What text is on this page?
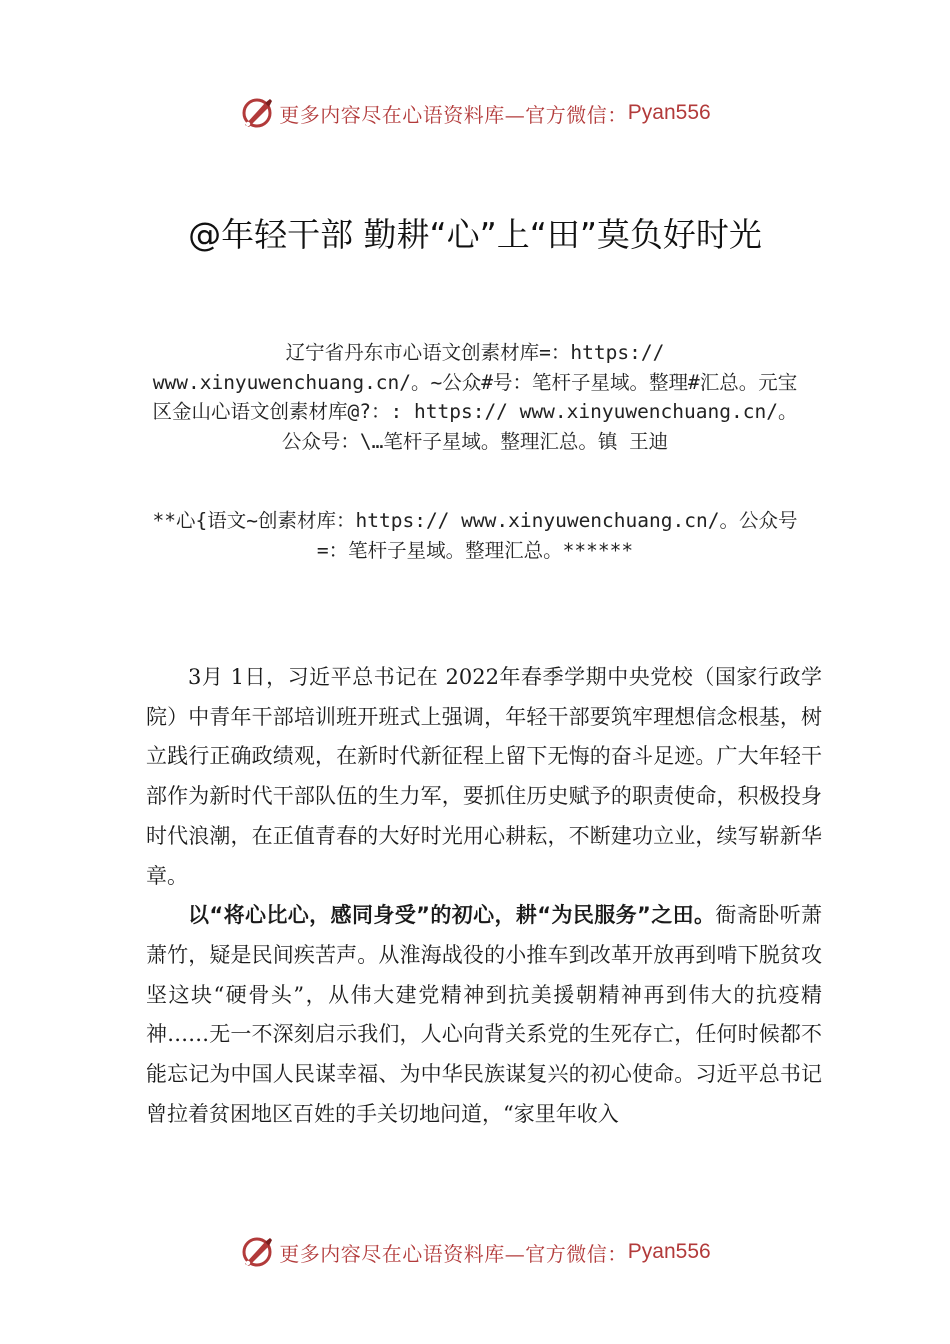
更多内容尽在心语资料库—官方微信： Pyan556
@年轻干部 勤耕“心”上“田”莫负好时光
辽宁省丹东市心语文创素材库=：https:// www.xinyuwenchuang.cn/。~公众#号：笔杆子星域。整理#汇总。元宝区金山心语文创素材库@?：: https:// www.xinyuwenchuang.cn/。公众号：\…笔杆子星域。整理汇总。镇 王迪
**心{语文~创素材库：https:// www.xinyuwenchuang.cn/。公众号=：笔杆子星域。整理汇总。******

3月 1日，习近平总书记在 2022年春季学期中央党校（国家行政学院）中青年干部培训班开班式上强调，年轻干部要筑牢理想信念根基，树立践行正确政绩观，在新时代新征程上留下无悔的奋斗足迹。广大年轻干部作为新时代干部队伍的生力军，要抓住历史赋予的职责使命，积极投身时代浪潮，在正值青春的大好时光用心耕耘，不断建功立业，续写崭新华章。

以“将心比心，感同身受”的初心，耕“为民服务”之田。衙斋卧听萧萧竹，疑是民间疾苦声。从淮海战役的小推车到改革开放再到啃下脱贫攻坚这块“硬骨头”，从伟大建党精神到抗美援朝精神再到伟大的抗疫精神……无一不深刻启示我们，人心向背关系党的生死存亡，任何时候都不能忘记为中国人民谋幸福、为中华民族谋复兴的初心使命。习近平总书记曾拉着贫困地区百姓的手关切地问道，“家里年收入

更多内容尽在心语资料库—官方微信： Pyan556
